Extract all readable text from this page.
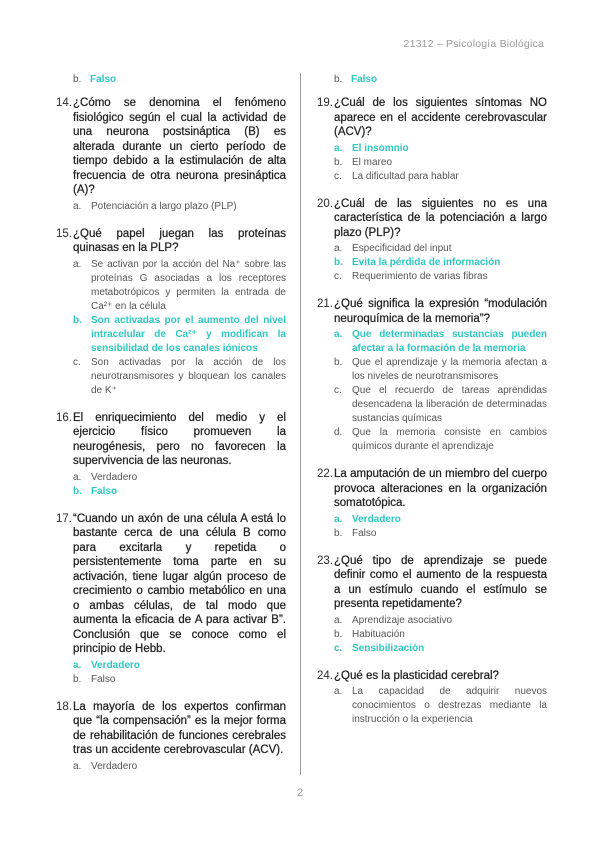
21312 – Psicología Biológica
b. Falso
14. ¿Cómo se denomina el fenómeno fisiológico según el cual la actividad de una neurona postsináptica (B) es alterada durante un cierto período de tiempo debido a la estimulación de alta frecuencia de otra neurona presináptica (A)?
a. Potenciación a largo plazo (PLP)
15. ¿Qué papel juegan las proteínas quinasas en la PLP?
a. Se activan por la acción del Na⁺ sobre las proteínas G asociadas a los receptores metabotrópicos y permiten la entrada de Ca²⁺ en la célula
b. Son activadas por el aumento del nivel intracelular de Ca²⁺ y modifican la sensibilidad de los canales iónicos
c. Son activadas por la acción de los neurotransmisores y bloquean los canales de K⁺
16. El enriquecimiento del medio y el ejercicio físico promueven la neurogénesis, pero no favorecen la supervivencia de las neuronas.
a. Verdadero
b. Falso
17. “Cuando un axón de una célula A está lo bastante cerca de una célula B como para excitarla y repetida o persistentemente toma parte en su activación, tiene lugar algún proceso de crecimiento o cambio metabólico en una o ambas células, de tal modo que aumenta la eficacia de A para activar B”. Conclusión que se conoce como el principio de Hebb.
a. Verdadero
b. Falso
18. La mayoría de los expertos confirman que “la compensación” es la mejor forma de rehabilitación de funciones cerebrales tras un accidente cerebrovascular (ACV).
a. Verdadero
b. Falso
19. ¿Cuál de los siguientes síntomas NO aparece en el accidente cerebrovascular (ACV)?
a. El insomnio
b. El mareo
c. La dificultad para hablar
20. ¿Cuál de las siguientes no es una característica de la potenciación a largo plazo (PLP)?
a. Especificidad del input
b. Evita la pérdida de información
c. Requerimiento de varias fibras
21. ¿Qué significa la expresión “modulación neuroquímica de la memoria”?
a. Que determinadas sustancias pueden afectar a la formación de la memoria
b. Que el aprendizaje y la memoria afectan a los niveles de neurotransmisores
c. Que el recuerdo de tareas aprendidas desencadena la liberación de determinadas sustancias químicas
d. Que la memoria consiste en cambios químicos durante el aprendizaje
22. La amputación de un miembro del cuerpo provoca alteraciones en la organización somatotópica.
a. Verdadero
b. Falso
23. ¿Qué tipo de aprendizaje se puede definir como el aumento de la respuesta a un estímulo cuando el estímulo se presenta repetidamente?
a. Aprendizaje asociativo
b. Habituación
c. Sensibilización
24. ¿Qué es la plasticidad cerebral?
a. La capacidad de adquirir nuevos conocimientos o destrezas mediante la instrucción o la experiencia
2
